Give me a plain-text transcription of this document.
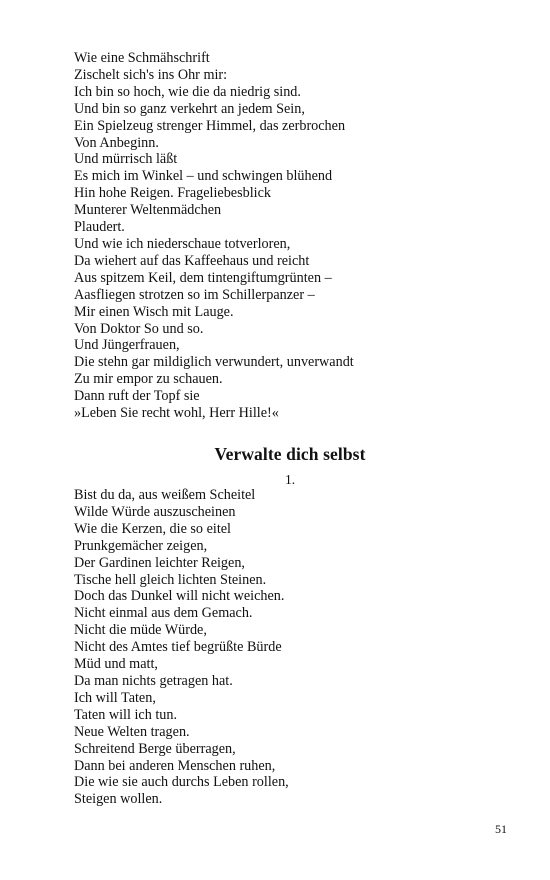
Wie eine Schmähschrift
Zischelt sich's ins Ohr mir:
Ich bin so hoch, wie die da niedrig sind.
Und bin so ganz verkehrt an jedem Sein,
Ein Spielzeug strenger Himmel, das zerbrochen
Von Anbeginn.
Und mürrisch läßt
Es mich im Winkel – und schwingen blühend
Hin hohe Reigen. Frageliebesblick
Munterer Weltenmädchen
Plaudert.
Und wie ich niederschaue totverloren,
Da wiehert auf das Kaffeehaus und reicht
Aus spitzem Keil, dem tintengiftumgrünten –
Aasfliegen strotzen so im Schillerpanzer –
Mir einen Wisch mit Lauge.
Von Doktor So und so.
Und Jüngerfrauen,
Die stehn gar mildiglich verwundert, unverwandt
Zu mir empor zu schauen.
Dann ruft der Topf sie
»Leben Sie recht wohl, Herr Hille!«
Verwalte dich selbst
1.
Bist du da, aus weißem Scheitel
Wilde Würde auszuscheinen
Wie die Kerzen, die so eitel
Prunkgemächer zeigen,
Der Gardinen leichter Reigen,
Tische hell gleich lichten Steinen.
Doch das Dunkel will nicht weichen.
Nicht einmal aus dem Gemach.
Nicht die müde Würde,
Nicht des Amtes tief begrüßte Bürde
Müd und matt,
Da man nichts getragen hat.
Ich will Taten,
Taten will ich tun.
Neue Welten tragen.
Schreitend Berge überragen,
Dann bei anderen Menschen ruhen,
Die wie sie auch durchs Leben rollen,
Steigen wollen.
51
